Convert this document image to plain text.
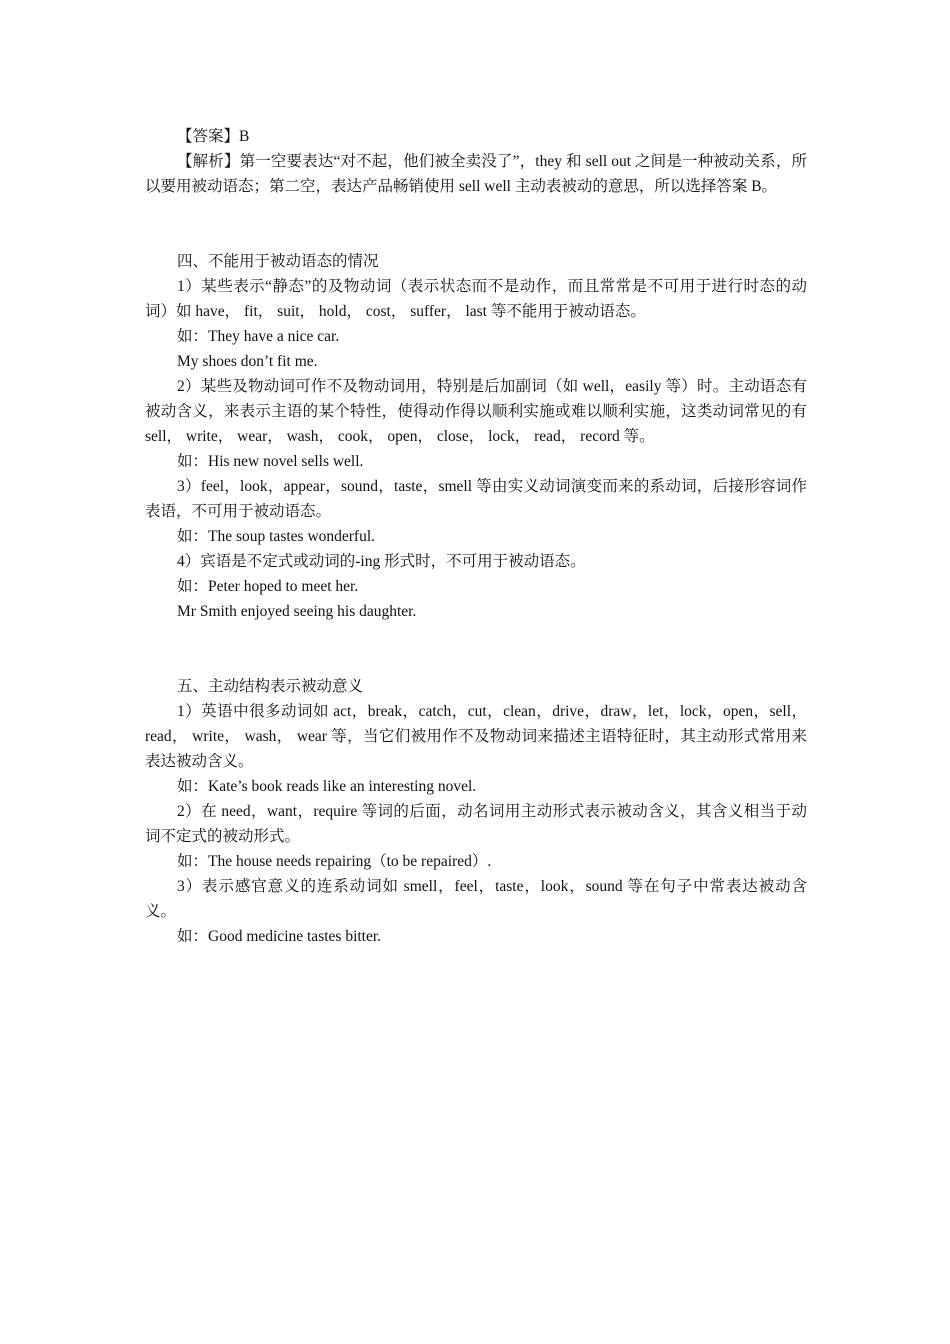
【答案】B

【解析】第一空要表达“对不起，他们被全卖没了”，they 和 sell out 之间是一种被动关系，所以要用被动语态；第二空，表达产品畅销使用 sell well 主动表被动的意思，所以选择答案 B。

四、不能用于被动语态的情况

1）某些表示“静态”的及物动词（表示状态而不是动作，而且常常是不可用于进行时态的动词）如 have， fit， suit， hold， cost， suffer， last 等不能用于被动语态。

如：They have a nice car.

My shoes don’t fit me.

2）某些及物动词可作不及物动词用，特别是后加副词（如 well，easily 等）时。主动语态有被动含义，来表示主语的某个特性，使得动作得以顺利实施或难以顺利实施，这类动词常见的有 sell， write， wear， wash， cook， open， close， lock， read， record 等。

如：His new novel sells well.

3）feel，look，appear，sound，taste，smell 等由实义动词演变而来的系动词，后接形容词作表语，不可用于被动语态。

如：The soup tastes wonderful.

4）宾语是不定式或动词的-ing 形式时，不可用于被动语态。

如：Peter hoped to meet her.

Mr Smith enjoyed seeing his daughter.

五、主动结构表示被动意义

1）英语中很多动词如 act，break，catch，cut，clean，drive，draw，let，lock，open，sell，read， write， wash， wear 等，当它们被用作不及物动词来描述主语特征时，其主动形式常用来表达被动含义。

如：Kate’s book reads like an interesting novel.

2）在 need，want，require 等词的后面，动名词用主动形式表示被动含义，其含义相当于动词不定式的被动形式。

如：The house needs repairing（to be repaired）.

3）表示感官意义的连系动词如 smell，feel，taste，look，sound 等在句子中常表达被动含义。

如：Good medicine tastes bitter.
